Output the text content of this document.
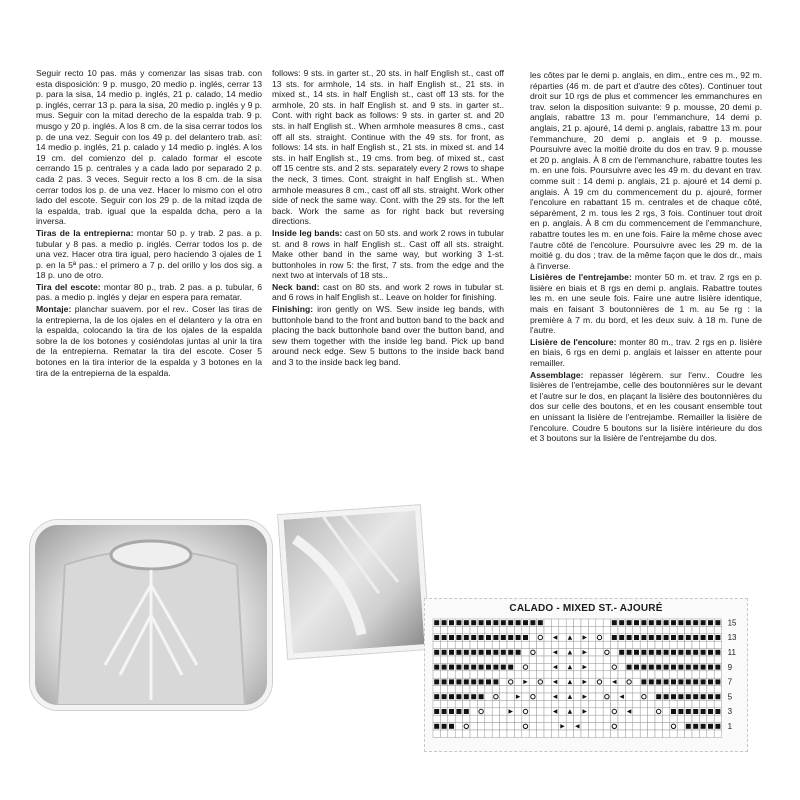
Seguir recto 10 pas. más y comenzar las sisas trab. con esta disposición: 9 p. musgo, 20 medio p. inglés, cerrar 13 p. para la sisa, 14 medio p. inglés, 21 p. calado, 14 medio p. inglés, cerrar 13 p. para la sisa, 20 medio p. inglés y 9 p. mus. Seguir con la mitad derecho de la espalda trab. 9 p. musgo y 20 p. inglés. A los 8 cm. de la sisa cerrar todos los p. de una vez. Seguir con los 49 p. del delantero trab. así: 14 medio p. inglés, 21 p. calado y 14 medio p. inglés. A los 19 cm. del comienzo del p. calado formar el escote cerrando 15 p. centrales y a cada lado por separado 2 p. cada 2 pas. 3 veces. Seguir recto a los 8 cm. de la sisa cerrar todos los p. de una vez. Hacer lo mismo con el otro lado del escote. Seguir con los 29 p. de la mitad izqda de la espalda, trab. igual que la espalda dcha, pero a la inversa.

Tiras de la entrepierna: montar 50 p. y trab. 2 pas. a p. tubular y 8 pas. a medio p. inglés. Cerrar todos los p. de una vez. Hacer otra tira igual, pero haciendo 3 ojales de 1 p. en la 5ª pas.: el primero a 7 p. del orillo y los dos sig. a 18 p. uno de otro.

Tira del escote: montar 80 p., trab. 2 pas. a p. tubular, 6 pas. a medio p. inglés y dejar en espera para rematar.

Montaje: planchar suavem. por el rev.. Coser las tiras de la entrepierna, la de los ojales en el delantero y la otra en la espalda, colocando la tira de los ojales de la espalda sobre la de los botones y cosiéndolas juntas al unir la tira de la entrepierna. Rematar la tira del escote. Coser 5 botones en la tira interior de la espalda y 3 botones en la tira de la entrepierna de la espalda.

follows: 9 sts. in garter st., 20 sts. in half English st., cast off 13 sts. for armhole, 14 sts. in half English st., 21 sts. in mixed st., 14 sts. in half English st., cast off 13 sts. for the armhole, 20 sts. in half English st. and 9 sts. in garter st.. Cont. with right back as follows: 9 sts. in garter st. and 20 sts. in half English st.. When armhole measures 8 cms., cast off all sts. straight. Continue with the 49 sts. for front, as follows: 14 sts. in half English st., 21 sts. in mixed st. and 14 sts. in half English st., 19 cms. from beg. of mixed st., cast off 15 centre sts. and 2 sts. separately every 2 rows to shape the neck, 3 times. Cont. straight in half English st.. When armhole measures 8 cm., cast off all sts. straight. Work other side of neck the same way. Cont. with the 29 sts. for the left back. Work the same as for right back but reversing directions.

Inside leg bands: cast on 50 sts. and work 2 rows in tubular st. and 8 rows in half English st.. Cast off all sts. straight. Make other band in the same way, but working 3 1-st. buttonholes in row 5: the first, 7 sts. from the edge and the next two at intervals of 18 sts..

Neck band: cast on 80 sts. and work 2 rows in tubular st. and 6 rows in half English st.. Leave on holder for finishing.

Finishing: iron gently on WS. Sew inside leg bands, with buttonhole band to the front and button band to the back and placing the back buttonhole band over the button band, and sew them together with the inside leg band. Pick up band around neck edge. Sew 5 buttons to the inside back band and 3 to the inside back leg band.

les côtes par le demi p. anglais, en dim., entre ces m., 92 m. réparties (46 m. de part et d'autre des côtes). Continuer tout droit sur 10 rgs de plus et commencer les emmanchures en trav. selon la disposition suivante: 9 p. mousse, 20 demi p. anglais, rabattre 13 m. pour l'emmanchure, 14 demi p. anglais, 21 p. ajouré, 14 demi p. anglais, rabattre 13 m. pour l'emmanchure, 20 demi p. anglais et 9 p. mousse. Poursuivre avec la moitié droite du dos en trav. 9 p. mousse et 20 p. anglais. À 8 cm de l'emmanchure, rabattre toutes les m. en une fois. Poursuivre avec les 49 m. du devant en trav. comme suit : 14 demi p. anglais, 21 p. ajouré et 14 demi p. anglais. À 19 cm du commencement du p. ajouré, former l'encolure en rabattant 15 m. centrales et de chaque côté, séparément, 2 m. tous les 2 rgs, 3 fois. Continuer tout droit en p. anglais. À 8 cm du commencement de l'emmanchure, rabattre toutes les m. en une fois. Faire la même chose avec l'autre côté de l'encolure. Poursuivre avec les 29 m. de la moitié g. du dos ; trav. de la même façon que le dos dr., mais à l'inverse.

Lisières de l'entrejambe: monter 50 m. et trav. 2 rgs en p. lisière en biais et 8 rgs en demi p. anglais. Rabattre toutes les m. en une seule fois. Faire une autre lisière identique, mais en faisant 3 boutonnières de 1 m. au 5e rg : la première à 7 m. du bord, et les deux suiv. à 18 m. l'une de l'autre.

Lisière de l'encolure: monter 80 m., trav. 2 rgs en p. lisière en biais, 6 rgs en demi p. anglais et laisser en attente pour remailler.

Assemblage: repasser légèrem. sur l'env.. Coudre les lisières de l'entrejambe, celle des boutonnières sur le devant et l'autre sur le dos, en plaçant la lisière des boutonnières du dos sur celle des boutons, et en les cousant ensemble tout en unissant la lisière de l'entrejambe. Remailler la lisière de l'encolure. Coudre 5 boutons sur la lisière intérieure du dos et 3 boutons sur la lisière de l'entrejambe du dos.

CALADO - MIXED ST.- AJOURÉ
15
13
11
9
7
5
3
1
